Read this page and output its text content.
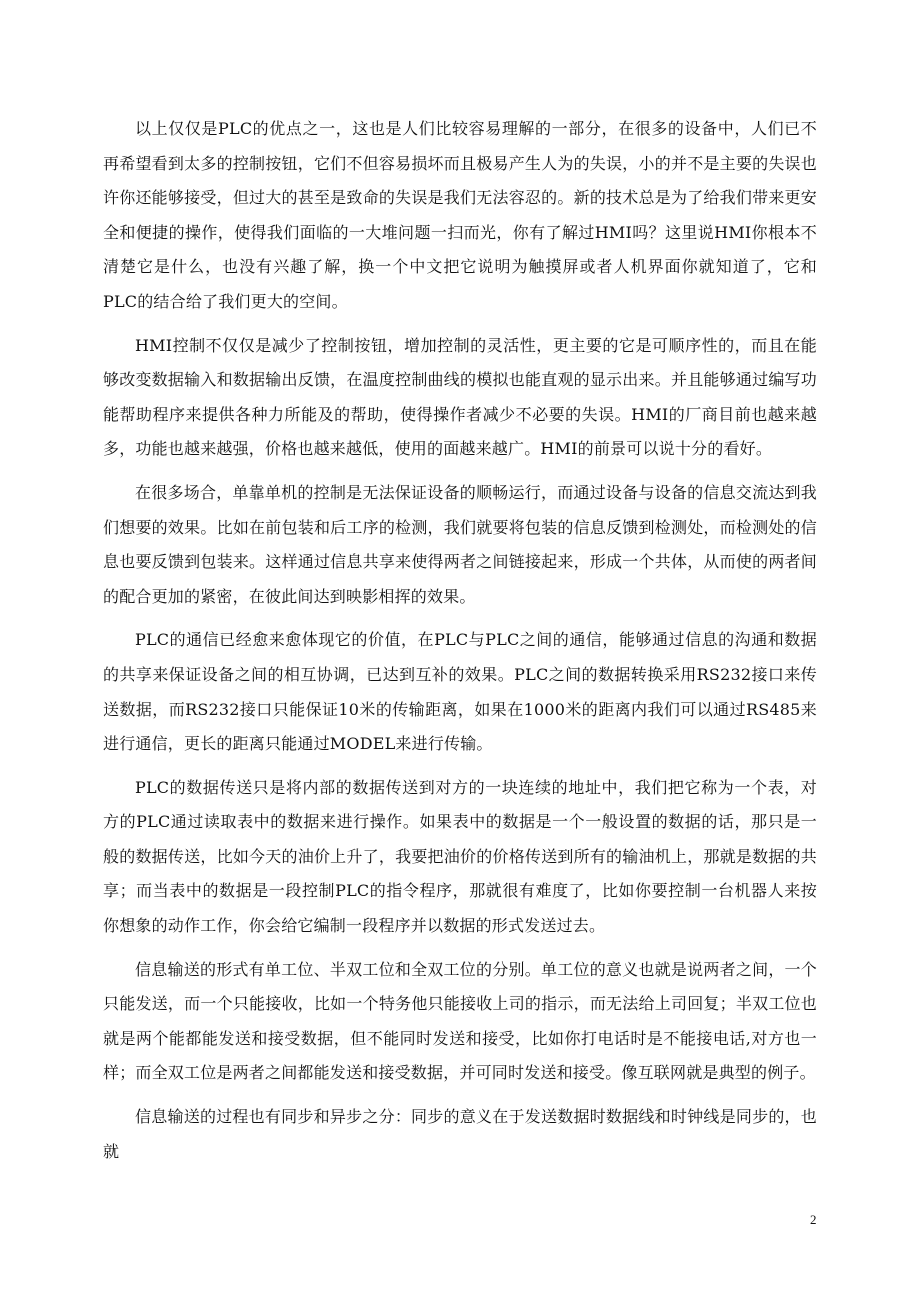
以上仅仅是PLC的优点之一，这也是人们比较容易理解的一部分，在很多的设备中，人们已不再希望看到太多的控制按钮，它们不但容易损坏而且极易产生人为的失误，小的并不是主要的失误也许你还能够接受，但过大的甚至是致命的失误是我们无法容忍的。新的技术总是为了给我们带来更安全和便捷的操作，使得我们面临的一大堆问题一扫而光，你有了解过HMI吗？这里说HMI你根本不清楚它是什么，也没有兴趣了解，换一个中文把它说明为触摸屏或者人机界面你就知道了，它和PLC的结合给了我们更大的空间。

HMI控制不仅仅是减少了控制按钮，增加控制的灵活性，更主要的它是可顺序性的，而且在能够改变数据输入和数据输出反馈，在温度控制曲线的模拟也能直观的显示出来。并且能够通过编写功能帮助程序来提供各种力所能及的帮助，使得操作者减少不必要的失误。HMI的厂商目前也越来越多，功能也越来越强，价格也越来越低，使用的面越来越广。HMI的前景可以说十分的看好。

在很多场合，单靠单机的控制是无法保证设备的顺畅运行，而通过设备与设备的信息交流达到我们想要的效果。比如在前包装和后工序的检测，我们就要将包装的信息反馈到检测处，而检测处的信息也要反馈到包装来。这样通过信息共享来使得两者之间链接起来，形成一个共体，从而使的两者间的配合更加的紧密，在彼此间达到映影相挥的效果。

PLC的通信已经愈来愈体现它的价值，在PLC与PLC之间的通信，能够通过信息的沟通和数据的共享来保证设备之间的相互协调，已达到互补的效果。PLC之间的数据转换采用RS232接口来传送数据，而RS232接口只能保证10米的传输距离，如果在1000米的距离内我们可以通过RS485来进行通信，更长的距离只能通过MODEL来进行传输。

PLC的数据传送只是将内部的数据传送到对方的一块连续的地址中，我们把它称为一个表，对方的PLC通过读取表中的数据来进行操作。如果表中的数据是一个一般设置的数据的话，那只是一般的数据传送，比如今天的油价上升了，我要把油价的价格传送到所有的输油机上，那就是数据的共享；而当表中的数据是一段控制PLC的指令程序，那就很有难度了，比如你要控制一台机器人来按你想象的动作工作，你会给它编制一段程序并以数据的形式发送过去。

信息输送的形式有单工位、半双工位和全双工位的分别。单工位的意义也就是说两者之间，一个只能发送，而一个只能接收，比如一个特务他只能接收上司的指示，而无法给上司回复；半双工位也就是两个能都能发送和接受数据，但不能同时发送和接受，比如你打电话时是不能接电话,对方也一样；而全双工位是两者之间都能发送和接受数据，并可同时发送和接受。像互联网就是典型的例子。

信息输送的过程也有同步和异步之分：同步的意义在于发送数据时数据线和时钟线是同步的，也就

2
